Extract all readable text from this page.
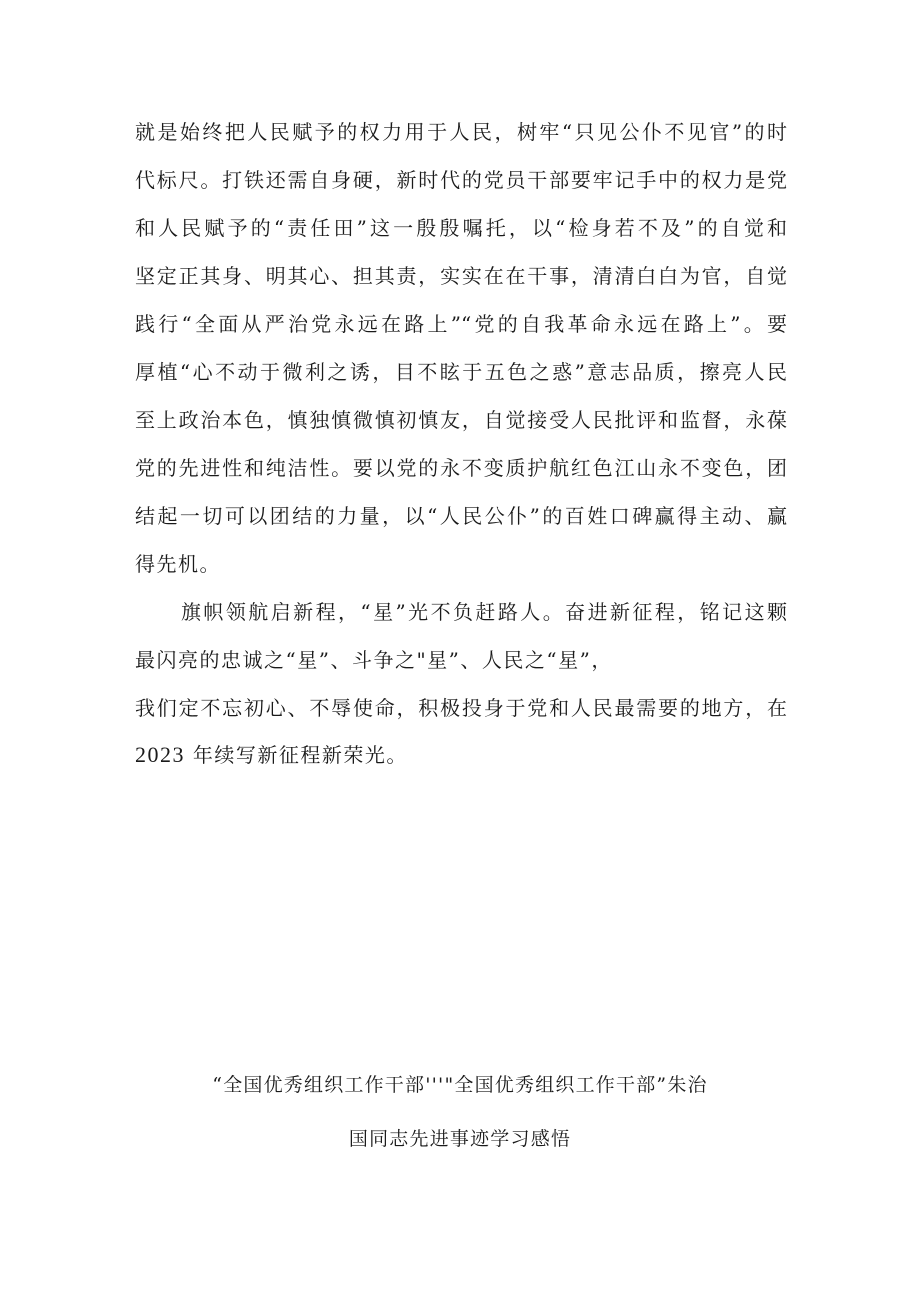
就是始终把人民赋予的权力用于人民，树牢“只见公仆不见官”的时
代标尺。打铁还需自身硬，新时代的党员干部要牢记手中的权力是党
和人民赋予的“责任田”这一殷殷嘱托，以“检身若不及”的自觉和
坚定正其身、明其心、担其责，实实在在干事，清清白白为官，自觉
践行“全面从严治党永远在路上”“党的自我革命永远在路上”。要
厚植“心不动于微利之诱，目不眩于五色之惑”意志品质，擦亮人民
至上政治本色，慎独慎微慎初慎友，自觉接受人民批评和监督，永葆
党的先进性和纯洁性。要以党的永不变质护航红色江山永不变色，团
结起一切可以团结的力量，以“人民公仆”的百姓口碑赢得主动、赢
得先机。
旗帜领航启新程，“星”光不负赶路人。奋进新征程，铭记这颗
最闪亮的忠诚之“星”、斗争之"星”、人民之“星”，
我们定不忘初心、不辱使命，积极投身于党和人民最需要的地方，在
2023 年续写新征程新荣光。
“全国优秀组织工作干部'''"全国优秀组织工作干部”朱治
国同志先进事迹学习感悟
